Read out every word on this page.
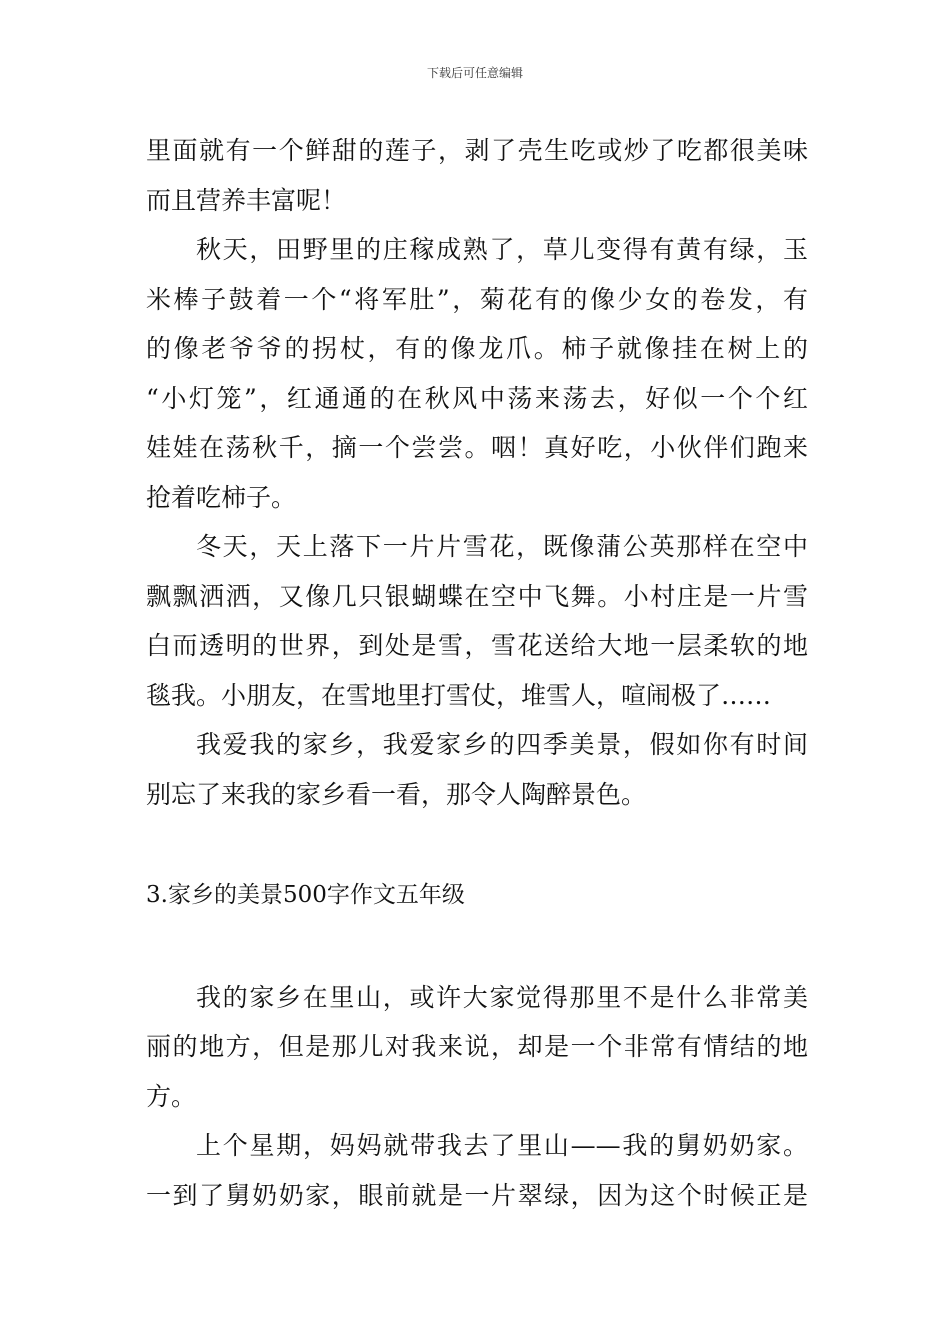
下载后可任意编辑
里面就有一个鲜甜的莲子，剥了壳生吃或炒了吃都很美味
而且营养丰富呢！
秋天，田野里的庄稼成熟了，草儿变得有黄有绿，玉
米棒子鼓着一个“将军肚”，菊花有的像少女的卷发，有
的像老爷爷的拐杖，有的像龙爪。柿子就像挂在树上的
“小灯笼”，红通通的在秋风中荡来荡去，好似一个个红
娃娃在荡秋千，摘一个尝尝。咽！真好吃，小伙伴们跑来
抢着吃柿子。
冬天，天上落下一片片雪花，既像蒲公英那样在空中
飘飘洒洒，又像几只银蝴蝶在空中飞舞。小村庄是一片雪
白而透明的世界，到处是雪，雪花送给大地一层柔软的地
毯我。小朋友，在雪地里打雪仗，堆雪人，喧闹极了……
我爱我的家乡，我爱家乡的四季美景，假如你有时间
别忘了来我的家乡看一看，那令人陶醉景色。
3.家乡的美景500字作文五年级
我的家乡在里山，或许大家觉得那里不是什么非常美
丽的地方，但是那儿对我来说，却是一个非常有情结的地
方。
上个星期，妈妈就带我去了里山——我的舅奶奶家。
一到了舅奶奶家，眼前就是一片翠绿，因为这个时候正是
